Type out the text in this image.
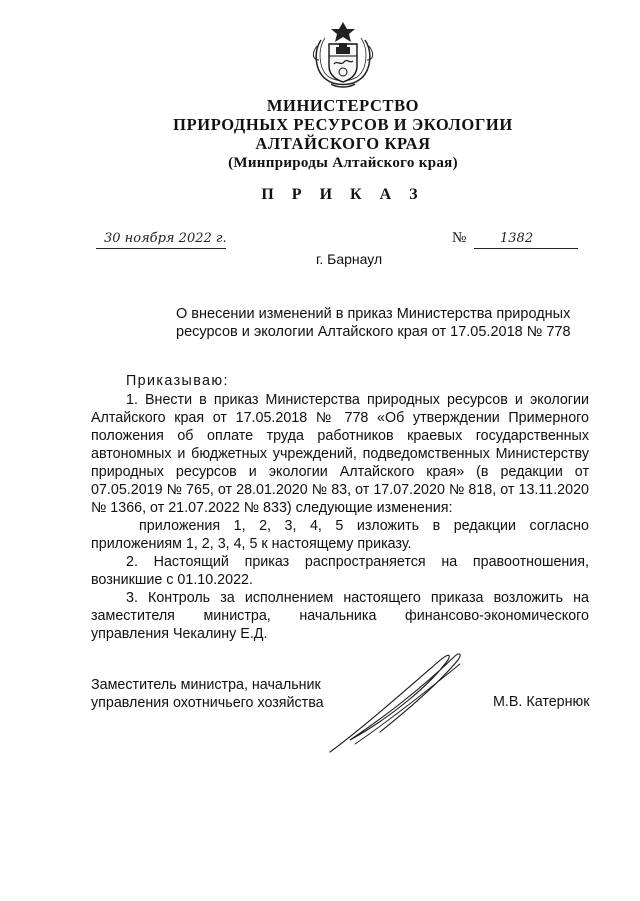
МИНИСТЕРСТВО
ПРИРОДНЫХ РЕСУРСОВ И ЭКОЛОГИИ
АЛТАЙСКОГО КРАЯ
(Минприроды Алтайского края)
П Р И К А З
30 ноября 2022 г.	№	1382
г. Барнаул
О внесении изменений в приказ Министерства природных ресурсов и экологии Алтайского края от 17.05.2018 № 778

Приказываю:

1. Внести в приказ Министерства природных ресурсов и экологии Алтайского края от 17.05.2018 № 778 «Об утверждении Примерного положения об оплате труда работников краевых государственных автономных и бюджетных учреждений, подведомственных Министерству природных ресурсов и экологии Алтайского края» (в редакции от 07.05.2019 № 765, от 28.01.2020 № 83, от 17.07.2020 № 818, от 13.11.2020 № 1366, от 21.07.2022 № 833) следующие изменения:

приложения 1, 2, 3, 4, 5 изложить в редакции согласно приложениям 1, 2, 3, 4, 5 к настоящему приказу.

2. Настоящий приказ распространяется на правоотношения, возникшие с 01.10.2022.

3. Контроль за исполнением настоящего приказа возложить на заместителя министра, начальника финансово-экономического управления Чекалину Е.Д.

Заместитель министра, начальник управления охотничьего хозяйства	М.В. Катернюк
